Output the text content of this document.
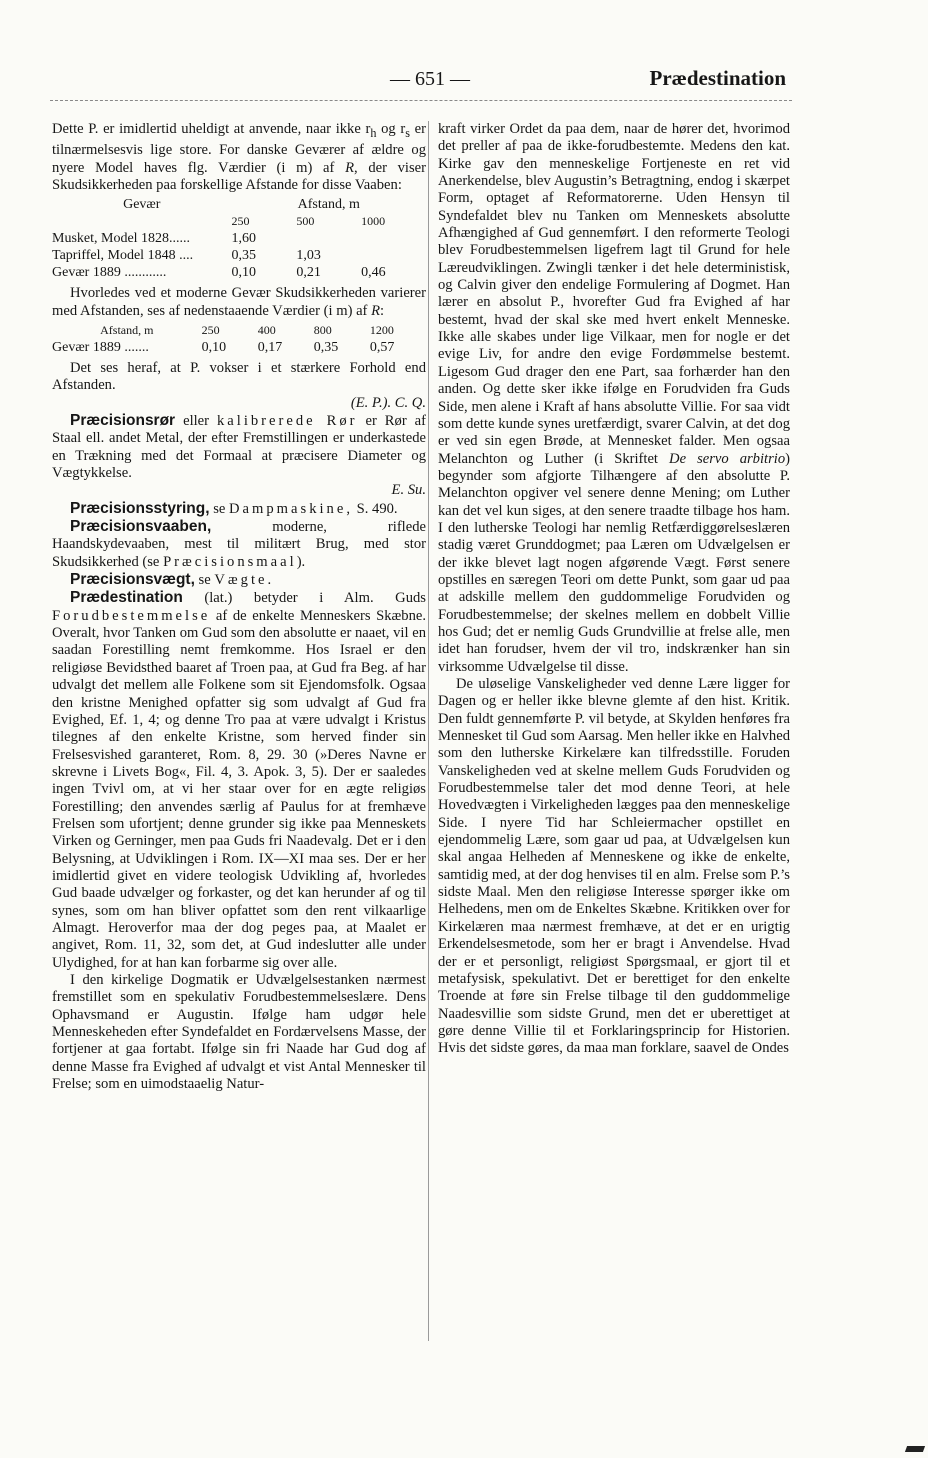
— 651 —	Prædestination

Dette P. er imidlertid uheldigt at anvende, naar ikke $r_h$ og $r_s$ er tilnærmelsesvis lige store. For danske Geværer af ældre og nyere Model haves flg. Værdier (i m) af R, der viser Skudsikkerheden paa forskellige Afstande for disse Vaaben:

Gevær	Afstand, m		
	250	500	1000
Musket, Model 1828......	1,60		
Tapriffel, Model 1848 ....	0,35	1,03	
Gevær 1889 ............	0,10	0,21	0,46

Hvorledes ved et moderne Gevær Skudsikkerheden varierer med Afstanden, ses af nedenstaaende Værdier (i m) af R:

Afstand, m	250	400	800	1200
Gevær 1889 .......	0,10	0,17	0,35	0,57

Det ses heraf, at P. vokser i et stærkere Forhold end Afstanden.
(E. P.). C. Q.

Præcisionsrør eller kalibrerede Rør er Rør af Staal ell. andet Metal, der efter Fremstillingen er underkastede en Trækning med det Formaal at præcisere Diameter og Vægtykkelse.
E. Su.

Præcisionsstyring, se Dampmaskine, S. 490.

Præcisionsvaaben, moderne, riflede Haandskydevaaben, mest til militært Brug, med stor Skudsikkerhed (se Præcisionsmaal).

Præcisionsvægt, se Vægte.

Prædestination (lat.) betyder i Alm. Guds Forudbestemmelse af de enkelte Menneskers Skæbne. Overalt, hvor Tanken om Gud som den absolutte er naaet, vil en saadan Forestilling nemt fremkomme. Hos Israel er den religiøse Bevidsthed baaret af Troen paa, at Gud fra Beg. af har udvalgt det mellem alle Folkene som sit Ejendomsfolk. Ogsaa den kristne Menighed opfatter sig som udvalgt af Gud fra Evighed, Ef. 1, 4; og denne Tro paa at være udvalgt i Kristus tilegnes af den enkelte Kristne, som herved finder sin Frelsesvished garanteret, Rom. 8, 29. 30 (»Deres Navne er skrevne i Livets Bog«, Fil. 4, 3. Apok. 3, 5). Der er saaledes ingen Tvivl om, at vi her staar over for en ægte religiøs Forestilling; den anvendes særlig af Paulus for at fremhæve Frelsen som ufortjent; denne grunder sig ikke paa Menneskets Virken og Gerninger, men paa Guds fri Naadevalg. Det er i den Belysning, at Udviklingen i Rom. IX—XI maa ses. Der er her imidlertid givet en videre teologisk Udvikling af, hvorledes Gud baade udvælger og forkaster, og det kan herunder af og til synes, som om han bliver opfattet som den rent vilkaarlige Almagt. Heroverfor maa der dog peges paa, at Maalet er angivet, Rom. 11, 32, som det, at Gud indeslutter alle under Ulydighed, for at han kan forbarme sig over alle.

I den kirkelige Dogmatik er Udvælgelsestanken nærmest fremstillet som en spekulativ Forudbestemmelseslære. Dens Ophavsmand er Augustin. Ifølge ham udgør hele Menneskeheden efter Syndefaldet en Fordærvelsens Masse, der fortjener at gaa fortabt. Ifølge sin fri Naade har Gud dog af denne Masse fra Evighed af udvalgt et vist Antal Mennesker til Frelse; som en uimodstaaelig Natur-

kraft virker Ordet da paa dem, naar de hører det, hvorimod det preller af paa de ikke-forudbestemte. Medens den kat. Kirke gav den menneskelige Fortjeneste en ret vid Anerkendelse, blev Augustin’s Betragtning, endog i skærpet Form, optaget af Reformatorerne. Uden Hensyn til Syndefaldet blev nu Tanken om Menneskets absolutte Afhængighed af Gud gennemført. I den reformerte Teologi blev Forudbestemmelsen ligefrem lagt til Grund for hele Læreudviklingen. Zwingli tænker i det hele deterministisk, og Calvin giver den endelige Formulering af Dogmet. Han lærer en absolut P., hvorefter Gud fra Evighed af har bestemt, hvad der skal ske med hvert enkelt Menneske. Ikke alle skabes under lige Vilkaar, men for nogle er det evige Liv, for andre den evige Fordømmelse bestemt. Ligesom Gud drager den ene Part, saa forhærder han den anden. Og dette sker ikke ifølge en Forudviden fra Guds Side, men alene i Kraft af hans absolutte Villie. For saa vidt som dette kunde synes uretfærdigt, svarer Calvin, at det dog er ved sin egen Brøde, at Mennesket falder. Men ogsaa Melanchton og Luther (i Skriftet De servo arbitrio) begynder som afgjorte Tilhængere af den absolutte P. Melanchton opgiver vel senere denne Mening; om Luther kan det vel kun siges, at den senere traadte tilbage hos ham. I den lutherske Teologi har nemlig Retfærdiggørelseslæren stadig været Grunddogmet; paa Læren om Udvælgelsen er der ikke blevet lagt nogen afgørende Vægt. Først senere opstilles en særegen Teori om dette Punkt, som gaar ud paa at adskille mellem den guddommelige Forudviden og Forudbestemmelse; der skelnes mellem en dobbelt Villie hos Gud; det er nemlig Guds Grundvillie at frelse alle, men idet han forudser, hvem der vil tro, indskrænker han sin virksomme Udvælgelse til disse.

De uløselige Vanskeligheder ved denne Lære ligger for Dagen og er heller ikke blevne glemte af den hist. Kritik. Den fuldt gennemførte P. vil betyde, at Skylden henføres fra Mennesket til Gud som Aarsag. Men heller ikke en Halvhed som den lutherske Kirkelære kan tilfredsstille. Foruden Vanskeligheden ved at skelne mellem Guds Forudviden og Forudbestemmelse taler det mod denne Teori, at hele Hovedvægten i Virkeligheden lægges paa den menneskelige Side. I nyere Tid har Schleiermacher opstillet en ejendommelig Lære, som gaar ud paa, at Udvælgelsen kun skal angaa Helheden af Menneskene og ikke de enkelte, samtidig med, at der dog henvises til en alm. Frelse som P.’s sidste Maal. Men den religiøse Interesse spørger ikke om Helhedens, men om de Enkeltes Skæbne. Kritikken over for Kirkelæren maa nærmest fremhæve, at det er en urigtig Erkendelsesmetode, som her er bragt i Anvendelse. Hvad der er et personligt, religiøst Spørgsmaal, er gjort til et metafysisk, spekulativt. Det er berettiget for den enkelte Troende at føre sin Frelse tilbage til den guddommelige Naadesvillie som sidste Grund, men det er uberettiget at gøre denne Villie til et Forklaringsprincip for Historien. Hvis det sidste gøres, da maa man forklare, saavel de Ondes
